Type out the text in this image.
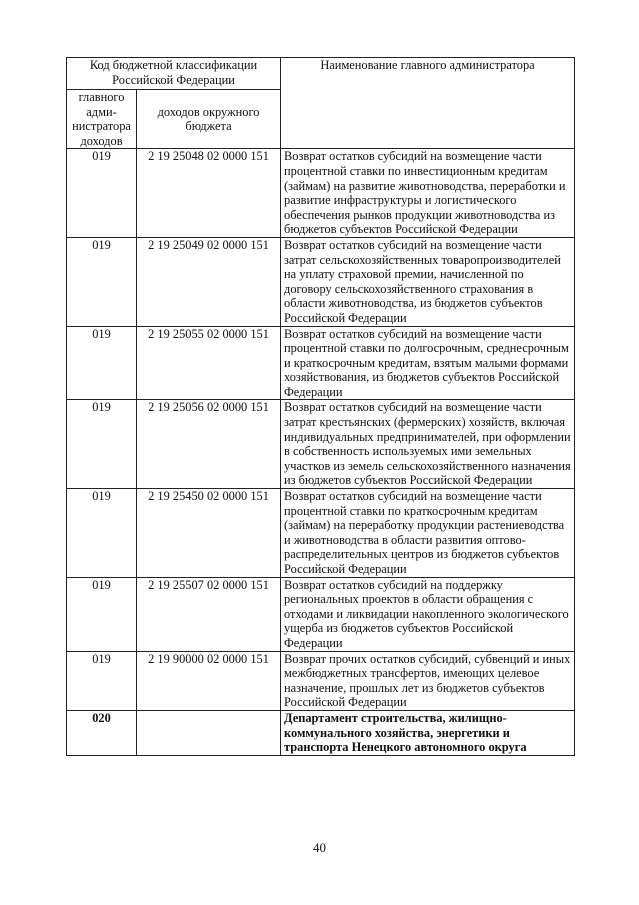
Код бюджетной классификации Российской Федерации		Наименование главного администратора
главного адми-нистратора доходов	доходов окружного бюджета	
019	2 19 25048 02 0000 151	Возврат остатков субсидий на возмещение части процентной ставки по инвестиционным кредитам (займам) на развитие животноводства, переработки и развитие инфраструктуры и логистического обеспечения рынков продукции животноводства из бюджетов субъектов Российской Федерации
019	2 19 25049 02 0000 151	Возврат остатков субсидий на возмещение части затрат сельскохозяйственных товаропроизводителей на уплату страховой премии, начисленной по договору сельскохозяйственного страхования в области животноводства, из бюджетов субъектов Российской Федерации
019	2 19 25055 02 0000 151	Возврат остатков субсидий на возмещение части процентной ставки по долгосрочным, среднесрочным и краткосрочным кредитам, взятым малыми формами хозяйствования, из бюджетов субъектов Российской Федерации
019	2 19 25056 02 0000 151	Возврат остатков субсидий на возмещение части затрат крестьянских (фермерских) хозяйств, включая индивидуальных предпринимателей, при оформлении в собственность используемых ими земельных участков из земель сельскохозяйственного назначения из бюджетов субъектов Российской Федерации
019	2 19 25450 02 0000 151	Возврат остатков субсидий на возмещение части процентной ставки по краткосрочным кредитам (займам) на переработку продукции растениеводства и животноводства в области развития оптово-распределительных центров из бюджетов субъектов Российской Федерации
019	2 19 25507 02 0000 151	Возврат остатков субсидий на поддержку региональных проектов в области обращения с отходами и ликвидации накопленного экологического ущерба из бюджетов субъектов Российской Федерации
019	2 19 90000 02 0000 151	Возврат прочих остатков субсидий, субвенций и иных межбюджетных трансфертов, имеющих целевое назначение, прошлых лет из бюджетов субъектов Российской Федерации
020		Департамент строительства, жилищно-коммунального хозяйства, энергетики и транспорта Ненецкого автономного округа
40
